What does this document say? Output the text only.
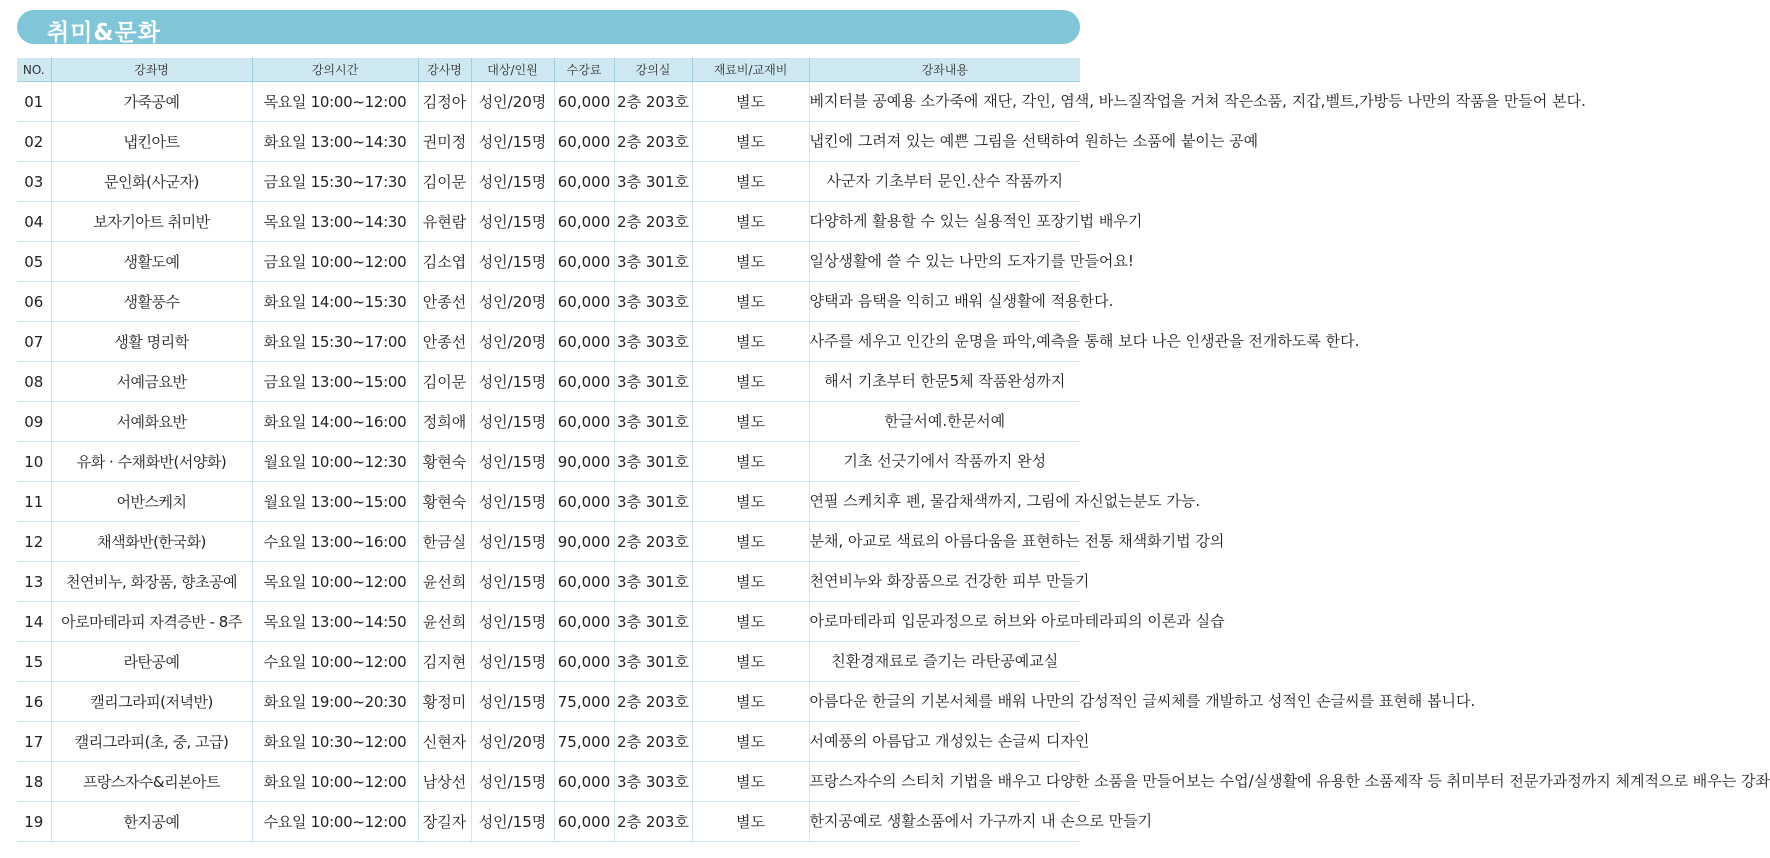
취미&문화
NO.	강좌명	강의시간	강사명	대상/인원	수강료	강의실	재료비/교재비	강좌내용
01	가죽공예	목요일 10:00~12:00	김정아	성인/20명	60,000	2층 203호	별도	베지터블 공예용 소가죽에 재단, 각인, 염색, 바느질작업을 거쳐 작은소품, 지갑,벨트,가방등 나만의 작품을 만들어 본다.
02	냅킨아트	화요일 13:00~14:30	권미정	성인/15명	60,000	2층 203호	별도	냅킨에 그려져 있는 예쁜 그림을 선택하여 원하는 소품에 붙이는 공예
03	문인화(사군자)	금요일 15:30~17:30	김이문	성인/15명	60,000	3층 301호	별도	사군자 기초부터 문인.산수 작품까지
04	보자기아트 취미반	목요일 13:00~14:30	유현람	성인/15명	60,000	2층 203호	별도	다양하게 활용할 수 있는 실용적인 포장기법 배우기
05	생활도예	금요일 10:00~12:00	김소엽	성인/15명	60,000	3층 301호	별도	일상생활에 쓸 수 있는 나만의 도자기를 만들어요!
06	생활풍수	화요일 14:00~15:30	안종선	성인/20명	60,000	3층 303호	별도	양택과 음택을 익히고 배워 실생활에 적용한다.
07	생활 명리학	화요일 15:30~17:00	안종선	성인/20명	60,000	3층 303호	별도	사주를 세우고 인간의 운명을 파악,예측을 통해 보다 나은 인생관을 전개하도록 한다.
08	서예금요반	금요일 13:00~15:00	김이문	성인/15명	60,000	3층 301호	별도	해서 기초부터 한문5체 작품완성까지
09	서예화요반	화요일 14:00~16:00	정희애	성인/15명	60,000	3층 301호	별도	한글서예.한문서예
10	유화 · 수채화반(서양화)	월요일 10:00~12:30	황현숙	성인/15명	90,000	3층 301호	별도	기초 선긋기에서 작품까지 완성
11	어반스케치	월요일 13:00~15:00	황현숙	성인/15명	60,000	3층 301호	별도	연필 스케치후 펜, 물감채색까지, 그림에 자신없는분도 가능.
12	채색화반(한국화)	수요일 13:00~16:00	한금실	성인/15명	90,000	2층 203호	별도	분채, 아교로 색료의 아름다움을 표현하는 전통 채색화기법 강의
13	천연비누, 화장품, 향초공예	목요일 10:00~12:00	윤선희	성인/15명	60,000	3층 301호	별도	천연비누와 화장품으로 건강한 피부 만들기
14	아로마테라피 자격증반 - 8주	목요일 13:00~14:50	윤선희	성인/15명	60,000	3층 301호	별도	아로마테라피 입문과정으로 허브와 아로마테라피의 이론과 실습
15	라탄공예	수요일 10:00~12:00	김지현	성인/15명	60,000	3층 301호	별도	친환경재료로 즐기는 라탄공예교실
16	캘리그라피(저녁반)	화요일 19:00~20:30	황정미	성인/15명	75,000	2층 203호	별도	아름다운 한글의 기본서체를 배워 나만의 감성적인 글씨체를 개발하고 성적인 손글씨를 표현해 봅니다.
17	캘리그라피(초, 중, 고급)	화요일 10:30~12:00	신현자	성인/20명	75,000	2층 203호	별도	서예풍의 아름답고 개성있는 손글씨 디자인
18	프랑스자수&리본아트	화요일 10:00~12:00	남상선	성인/15명	60,000	3층 303호	별도	프랑스자수의 스티치 기법을 배우고 다양한 소품을 만들어보는 수업/실생활에 유용한 소품제작 등 취미부터 전문가과정까지 체계적으로 배우는 강좌
19	한지공예	수요일 10:00~12:00	장길자	성인/15명	60,000	2층 203호	별도	한지공예로 생활소품에서 가구까지 내 손으로 만들기
